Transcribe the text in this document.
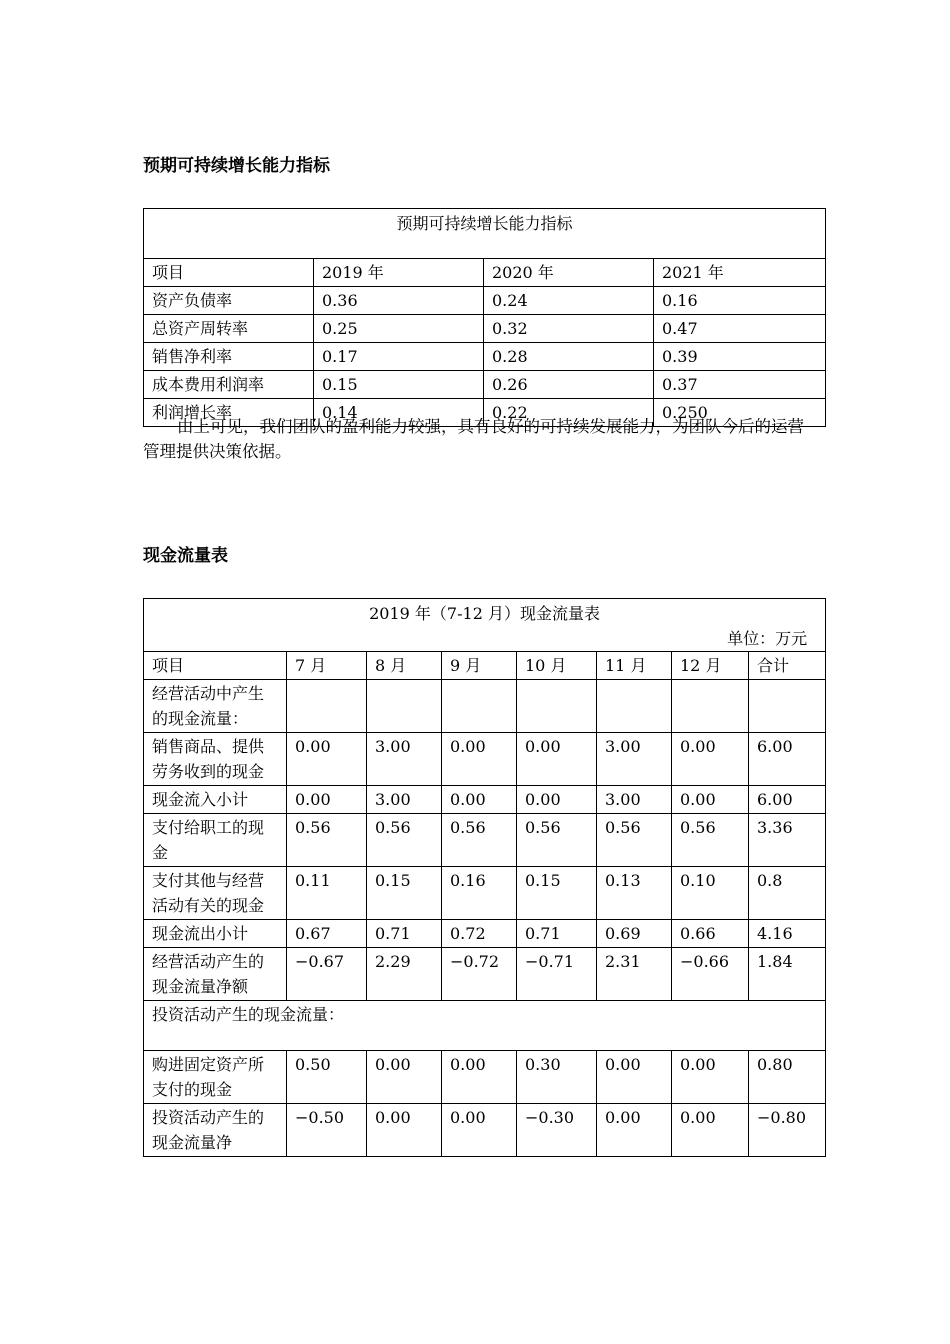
预期可持续增长能力指标
预期可持续增长能力指标			

项目	2019 年	2020 年	2021 年
资产负债率	0.36	0.24	0.16
总资产周转率	0.25	0.32	0.47
销售净利率	0.17	0.28	0.39
成本费用利润率	0.15	0.26	0.37
利润增长率	0.14	0.22	0.250

由上可见，我们团队的盈利能力较强，具有良好的可持续发展能力，为团队今后的运营管理提供决策依据。

现金流量表
2019 年（7-12 月）现金流量表
单位：万元							

项目	7 月	8 月	9 月	10 月	11 月	12 月	合计
经营活动中产生的现金流量：							
销售商品、提供劳务收到的现金	0.00	3.00	0.00	0.00	3.00	0.00	6.00
现金流入小计	0.00	3.00	0.00	0.00	3.00	0.00	6.00
支付给职工的现金	0.56	0.56	0.56	0.56	0.56	0.56	3.36
支付其他与经营活动有关的现金	0.11	0.15	0.16	0.15	0.13	0.10	0.8
现金流出小计	0.67	0.71	0.72	0.71	0.69	0.66	4.16
经营活动产生的现金流量净额	−0.67	2.29	−0.72	−0.71	2.31	−0.66	1.84
投资活动产生的现金流量：							
购进固定资产所支付的现金	0.50	0.00	0.00	0.30	0.00	0.00	0.80
投资活动产生的现金流量净	−0.50	0.00	0.00	−0.30	0.00	0.00	−0.80
